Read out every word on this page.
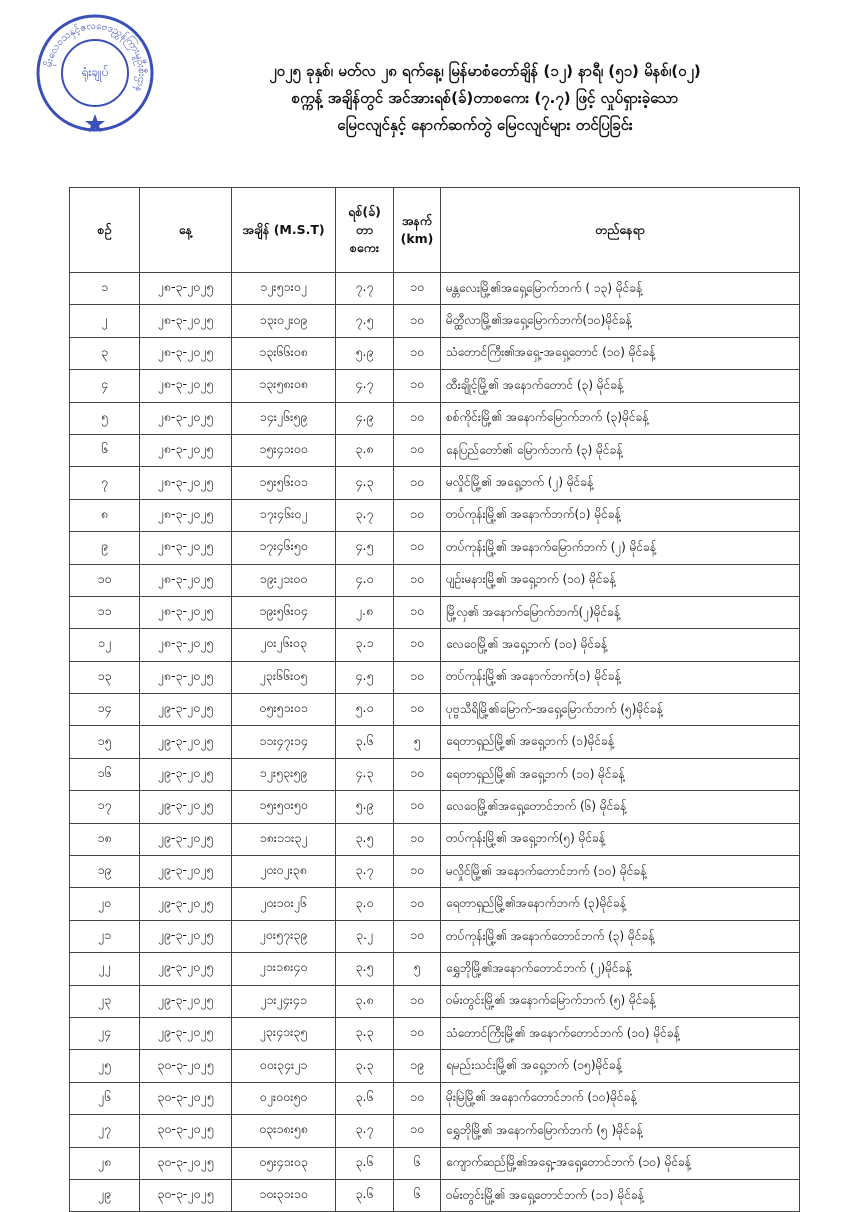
မိုးလေဝသနှင့်ဇလဗေဒညွှန်ကြားမှုဦးစီးဌာန
ရုံးချုပ်	၂၀၂၅ ခုနှစ်၊ မတ်လ ၂၈ ရက်နေ့၊ မြန်မာစံတော်ချိန် (၁၂) နာရီ၊ (၅၁) မိနစ်၊(၀၂)
စက္ကန့် အချိန်တွင် အင်အားရစ်(ခ်)တာစကေး (၇.၇) ဖြင့် လှုပ်ရှားခဲ့သော
မြေငလျင်နှင့် နောက်ဆက်တွဲ မြေငလျင်များ တင်ပြခြင်း
စဉ်	နေ့	အချိန် (M.S.T)	ရစ်(ခ်) တာ စကေး	အနက် (km)	တည်နေရာ
၁	၂၈-၃-၂၀၂၅	၁၂း၅၁း၀၂	၇.၇	၁၀	မန္တလေးမြို့၏အရှေ့မြောက်ဘက် ( ၁၃) မိုင်ခန့်
၂	၂၈-၃-၂၀၂၅	၁၃း၀၂း၀၉	၇.၅	၁၀	မိတ္ထီလာမြို့၏အရှေ့မြောက်ဘက်(၁၀)မိုင်ခန့်
၃	၂၈-၃-၂၀၂၅	၁၃း၆၆း၀၈	၅.၉	၁၀	သံတောင်ကြီး၏အရှေ့-အရှေ့တောင် (၁၀) မိုင်ခန့်
၄	၂၈-၃-၂၀၂၅	၁၃း၅၈း၀၈	၄.၇	၁၀	ထီးချိုင့်မြို့၏ အနောက်တောင် (၃) မိုင်ခန့်
၅	၂၈-၃-၂၀၂၅	၁၄း၂၆း၅၉	၄.၉	၁၀	စစ်ကိုင်းမြို့၏ အနောက်မြောက်ဘက် (၃)မိုင်ခန့်
၆	၂၈-၃-၂၀၂၅	၁၅း၄၁း၀၀	၃.၈	၁၀	နေပြည်တော်၏ မြောက်ဘက် (၃) မိုင်ခန့်
၇	၂၈-၃-၂၀၂၅	၁၅း၅၆း၀၁	၄.၃	၁၀	မလှိုင်မြို့၏ အရှေ့ဘက် (၂) မိုင်ခန့်
၈	၂၈-၃-၂၀၂၅	၁၇း၄၆း၀၂	၃.၇	၁၀	တပ်ကုန်းမြို့၏ အနောက်ဘက်(၁) မိုင်ခန့်
၉	၂၈-၃-၂၀၂၅	၁၇း၄၆း၅၀	၄.၅	၁၀	တပ်ကုန်းမြို့၏ အနောက်မြောက်ဘက် (၂) မိုင်ခန့်
၁၀	၂၈-၃-၂၀၂၅	၁၉း၂၁း၀၀	၄.၀	၁၀	ပျဉ်းမနားမြို့၏ အရှေ့ဘက် (၁၀) မိုင်ခန့်
၁၁	၂၈-၃-၂၀၂၅	၁၉း၅၆း၀၄	၂.၈	၁၀	မြို့လှ၏ အနောက်မြောက်ဘက်(၂)မိုင်ခန့်
၁၂	၂၈-၃-၂၀၂၅	၂၀း၂၆း၀၃	၃.၁	၁၀	လေဝေမြို့၏ အရှေ့ဘက် (၁၀) မိုင်ခန့်
၁၃	၂၈-၃-၂၀၂၅	၂၃း၆၆း၀၅	၄.၅	၁၀	တပ်ကုန်းမြို့၏ အနောက်ဘက်(၁) မိုင်ခန့်
၁၄	၂၉-၃-၂၀၂၅	၀၅း၅၁း၀၁	၅.၀	၁၀	ပုဗ္ဗသီရိမြို့၏မြောက်-အရှေ့မြောက်ဘက် (၅)မိုင်ခန့်
၁၅	၂၉-၃-၂၀၂၅	၁၁း၄၇း၁၄	၃.၆	၅	ရေတာရှည်မြို့၏ အရှေ့ဘက် (၁)မိုင်ခန့်
၁၆	၂၉-၃-၂၀၂၅	၁၂း၅၃း၅၉	၄.၃	၁၀	ရေတာရှည်မြို့၏ အရှေ့ဘက် (၁၀) မိုင်ခန့်
၁၇	၂၉-၃-၂၀၂၅	၁၅း၅၀း၅၀	၅.၉	၁၀	လေဝေမြို့၏အရှေ့တောင်ဘက် (၆) မိုင်ခန့်
၁၈	၂၉-၃-၂၀၂၅	၁၈း၁၁း၃၂	၃.၅	၁၀	တပ်ကုန်းမြို့၏ အရှေ့ဘက်(၅) မိုင်ခန့်
၁၉	၂၉-၃-၂၀၂၅	၂၀း၀၂း၃၈	၃.၇	၁၀	မလှိုင်မြို့၏ အနောက်တောင်ဘက် (၁၀) မိုင်ခန့်
၂၀	၂၉-၃-၂၀၂၅	၂၀း၁၀း၂၆	၃.၀	၁၀	ရေတာရှည်မြို့၏အနောက်ဘက် (၃)မိုင်ခန့်
၂၁	၂၉-၃-၂၀၂၅	၂၀း၅၇း၃၉	၃.၂	၁၀	တပ်ကုန်းမြို့၏ အနောက်တောင်ဘက် (၃) မိုင်ခန့်
၂၂	၂၉-၃-၂၀၂၅	၂၁း၁၈း၄၀	၃.၅	၅	ရွှေဘိုမြို့၏အနောက်တောင်ဘက် (၂)မိုင်ခန့်
၂၃	၂၉-၃-၂၀၂၅	၂၁း၂၄း၄၁	၃.၈	၁၀	ဝမ်းတွင်းမြို့၏ အနောက်မြောက်ဘက် (၅) မိုင်ခန့်
၂၄	၂၉-၃-၂၀၂၅	၂၃း၄၁း၃၅	၃.၃	၁၀	သံတောင်ကြီးမြို့၏ အနောက်တောင်ဘက် (၁၀) မိုင်ခန့်
၂၅	၃၀-၃-၂၀၂၅	၀၀း၃၄း၂၁	၃.၃	၁၉	ရမည်းသင်းမြို့၏ အရှေ့ဘက် (၁၅)မိုင်ခန့်
၂၆	၃၀-၃-၂၀၂၅	၀၂း၀၀း၅၀	၃.၆	၁၀	မိုးမြဲမြို့၏ အနောက်တောင်ဘက် (၁၀)မိုင်ခန့်
၂၇	၃၀-၃-၂၀၂၅	၀၃း၁၈း၅၈	၃.၇	၁၀	ရွှေဘိုမြို့၏ အနောက်မြောက်ဘက် (၅ )မိုင်ခန့်
၂၈	၃၀-၃-၂၀၂၅	၀၅း၄၁း၀၃	၃.၆	၆	ကျောက်ဆည်မြို့၏အရှေ့-အရှေ့တောင်ဘက် (၁၀) မိုင်ခန့်
၂၉	၃၀-၃-၂၀၂၅	၁၀း၃၁း၁၀	၃.၆	၆	ဝမ်းတွင်းမြို့၏ အရှေ့တောင်ဘက် (၁၁) မိုင်ခန့်
